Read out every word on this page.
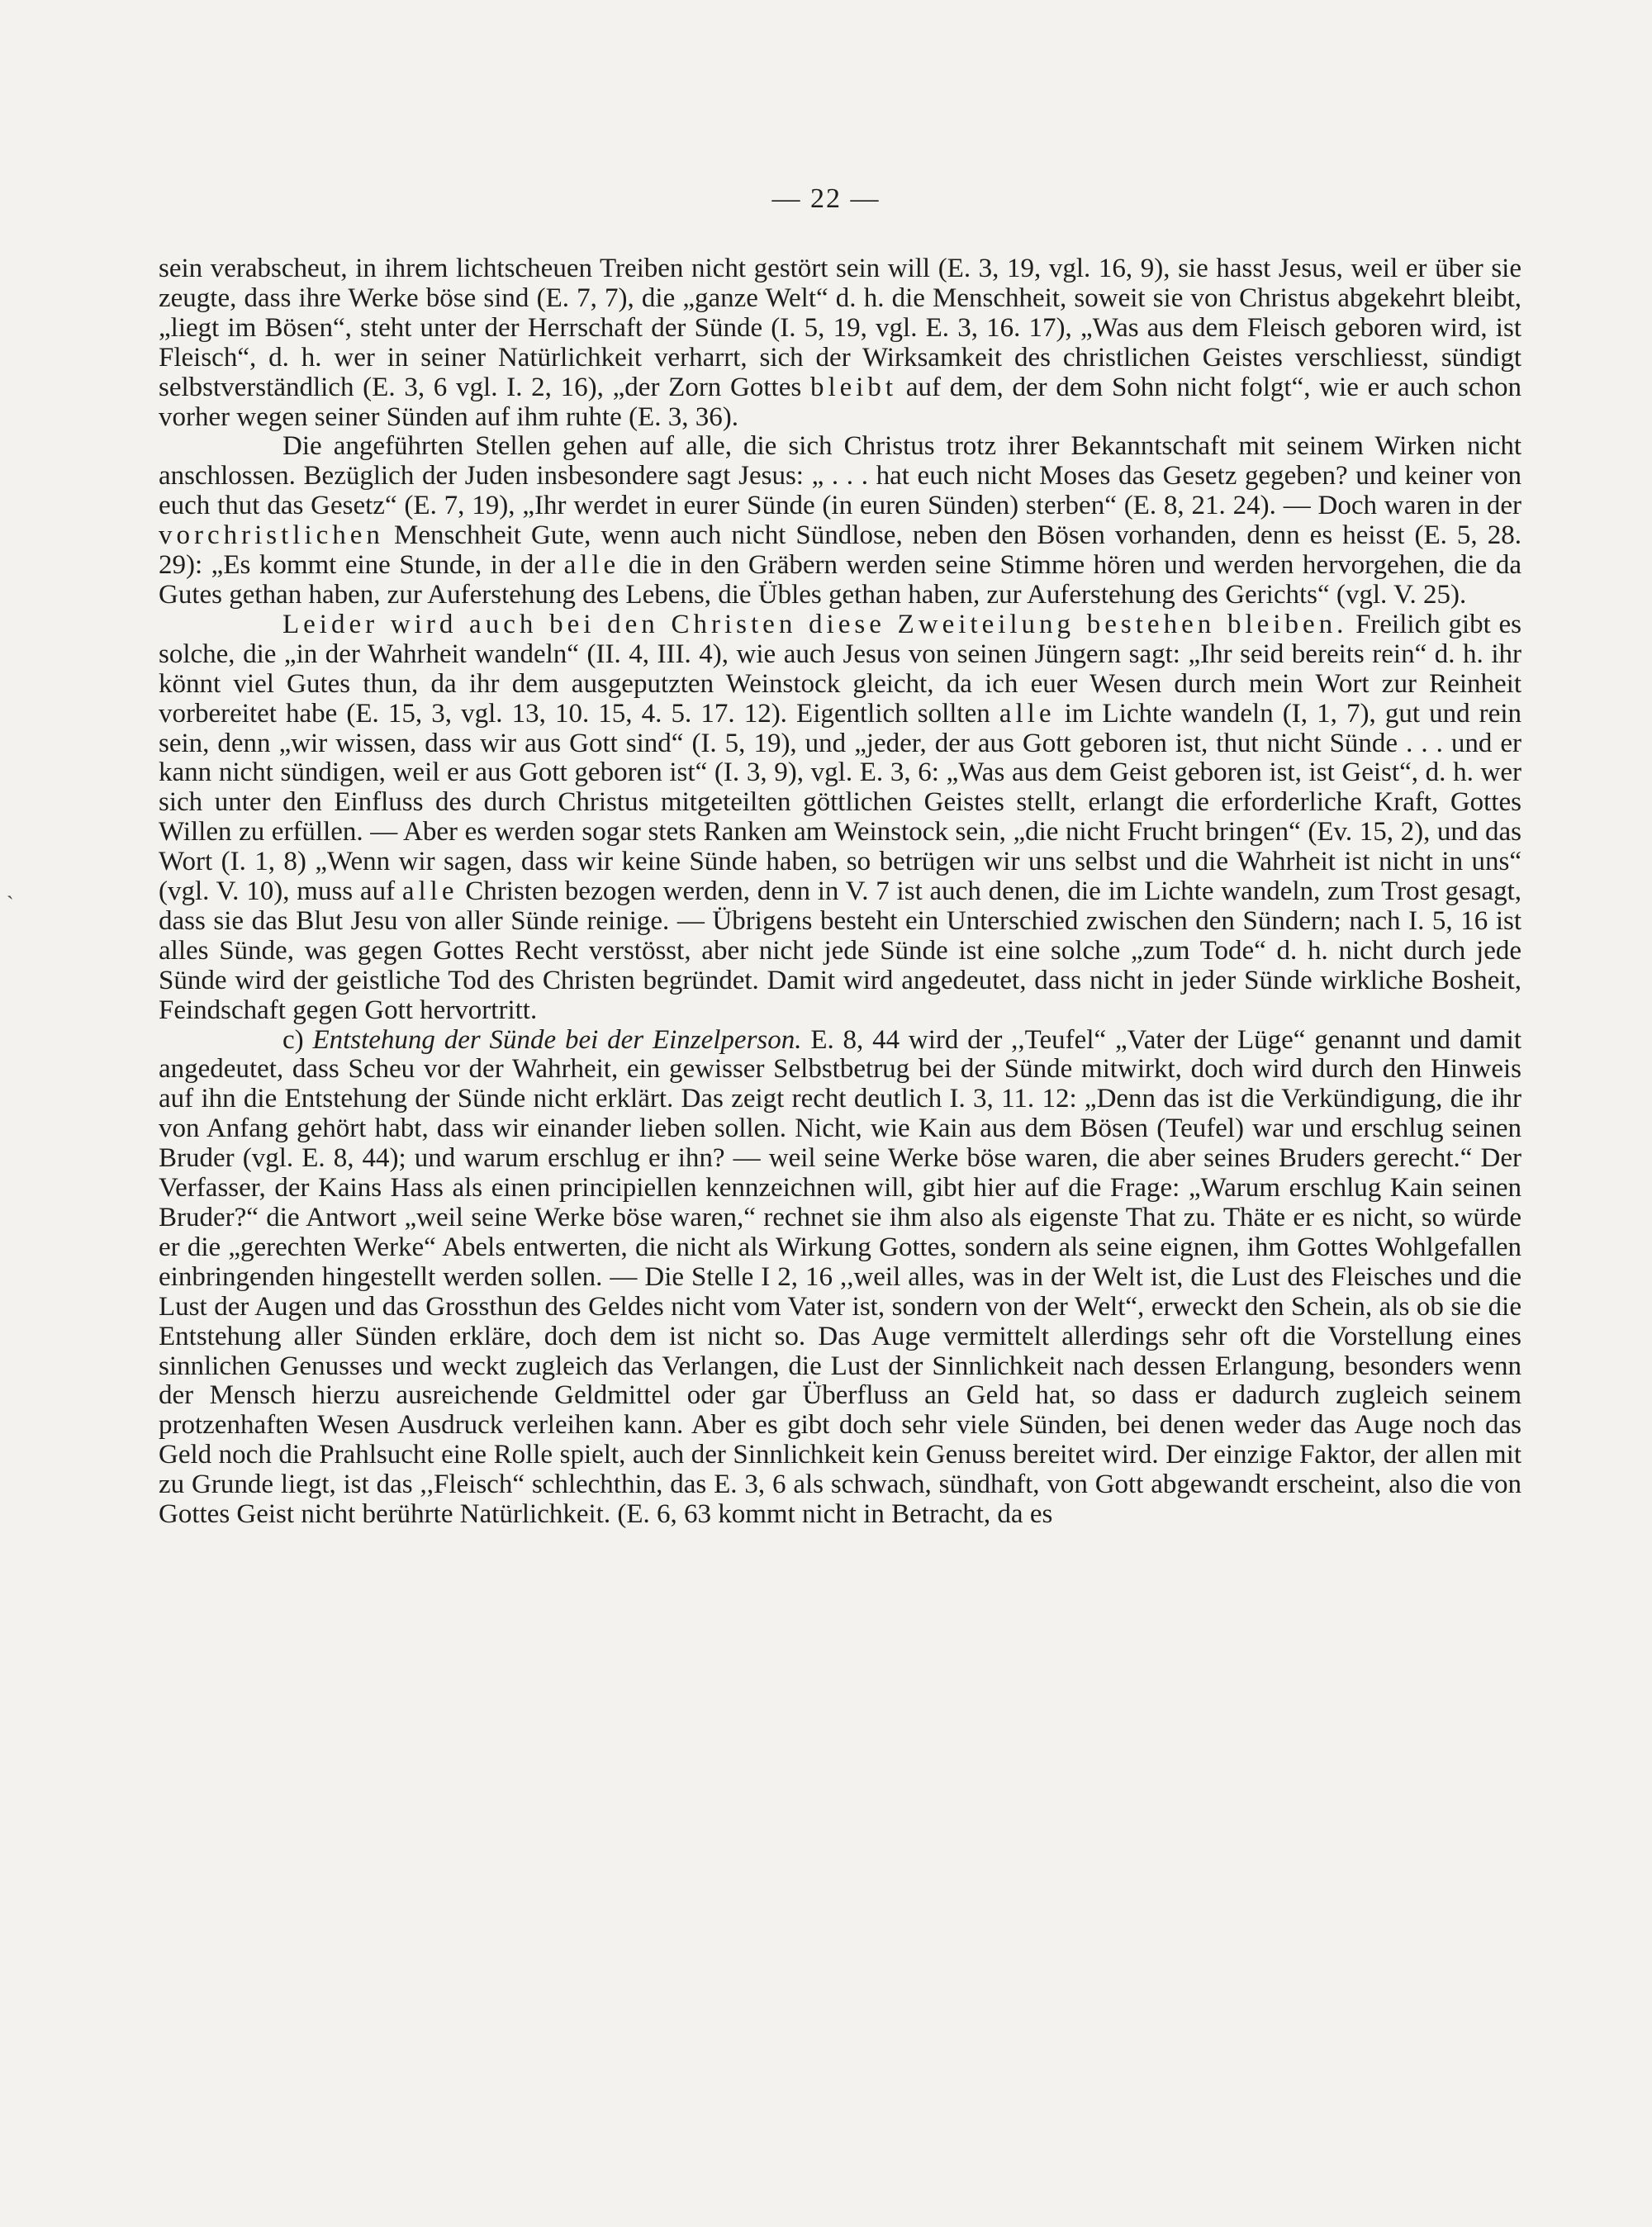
— 22 —
˴

sein verabscheut, in ihrem lichtscheuen Treiben nicht gestört sein will (E. 3, 19, vgl. 16, 9), sie hasst Jesus, weil er über sie zeugte, dass ihre Werke böse sind (E. 7, 7), die „ganze Welt“ d. h. die Menschheit, soweit sie von Christus abgekehrt bleibt, „liegt im Bösen“, steht unter der Herrschaft der Sünde (I. 5, 19, vgl. E. 3, 16. 17), „Was aus dem Fleisch geboren wird, ist Fleisch“, d. h. wer in seiner Natürlichkeit verharrt, sich der Wirksamkeit des christlichen Geistes verschliesst, sündigt selbstverständlich (E. 3, 6 vgl. I. 2, 16), „der Zorn Gottes bleibt auf dem, der dem Sohn nicht folgt“, wie er auch schon vorher wegen seiner Sünden auf ihm ruhte (E. 3, 36).

Die angeführten Stellen gehen auf alle, die sich Christus trotz ihrer Bekanntschaft mit seinem Wirken nicht anschlossen. Bezüglich der Juden insbesondere sagt Jesus: „ . . . hat euch nicht Moses das Gesetz gegeben? und keiner von euch thut das Gesetz“ (E. 7, 19), „Ihr werdet in eurer Sünde (in euren Sünden) sterben“ (E. 8, 21. 24). — Doch waren in der vorchristlichen Menschheit Gute, wenn auch nicht Sündlose, neben den Bösen vorhanden, denn es heisst (E. 5, 28. 29): „Es kommt eine Stunde, in der alle die in den Gräbern werden seine Stimme hören und werden hervorgehen, die da Gutes gethan haben, zur Auferstehung des Lebens, die Übles gethan haben, zur Auferstehung des Gerichts“ (vgl. V. 25).

Leider wird auch bei den Christen diese Zweiteilung bestehen bleiben. Freilich gibt es solche, die „in der Wahrheit wandeln“ (II. 4, III. 4), wie auch Jesus von seinen Jüngern sagt: „Ihr seid bereits rein“ d. h. ihr könnt viel Gutes thun, da ihr dem ausgeputzten Weinstock gleicht, da ich euer Wesen durch mein Wort zur Reinheit vorbereitet habe (E. 15, 3, vgl. 13, 10. 15, 4. 5. 17. 12). Eigentlich sollten alle im Lichte wandeln (I, 1, 7), gut und rein sein, denn „wir wissen, dass wir aus Gott sind“ (I. 5, 19), und „jeder, der aus Gott geboren ist, thut nicht Sünde . . . und er kann nicht sündigen, weil er aus Gott geboren ist“ (I. 3, 9), vgl. E. 3, 6: „Was aus dem Geist geboren ist, ist Geist“, d. h. wer sich unter den Einfluss des durch Christus mitgeteilten göttlichen Geistes stellt, erlangt die erforderliche Kraft, Gottes Willen zu erfüllen. — Aber es werden sogar stets Ranken am Weinstock sein, „die nicht Frucht bringen“ (Ev. 15, 2), und das Wort (I. 1, 8) „Wenn wir sagen, dass wir keine Sünde haben, so betrügen wir uns selbst und die Wahrheit ist nicht in uns“ (vgl. V. 10), muss auf alle Christen bezogen werden, denn in V. 7 ist auch denen, die im Lichte wandeln, zum Trost gesagt, dass sie das Blut Jesu von aller Sünde reinige. — Übrigens besteht ein Unterschied zwischen den Sündern; nach I. 5, 16 ist alles Sünde, was gegen Gottes Recht verstösst, aber nicht jede Sünde ist eine solche „zum Tode“ d. h. nicht durch jede Sünde wird der geistliche Tod des Christen begründet. Damit wird angedeutet, dass nicht in jeder Sünde wirkliche Bosheit, Feindschaft gegen Gott hervortritt.

c) Entstehung der Sünde bei der Einzelperson. E. 8, 44 wird der ,,Teufel“ „Vater der Lüge“ genannt und damit angedeutet, dass Scheu vor der Wahrheit, ein gewisser Selbstbetrug bei der Sünde mitwirkt, doch wird durch den Hinweis auf ihn die Entstehung der Sünde nicht erklärt. Das zeigt recht deutlich I. 3, 11. 12: „Denn das ist die Verkündigung, die ihr von Anfang gehört habt, dass wir einander lieben sollen. Nicht, wie Kain aus dem Bösen (Teufel) war und erschlug seinen Bruder (vgl. E. 8, 44); und warum erschlug er ihn? — weil seine Werke böse waren, die aber seines Bruders gerecht.“ Der Verfasser, der Kains Hass als einen principiellen kennzeichnen will, gibt hier auf die Frage: „Warum erschlug Kain seinen Bruder?“ die Antwort „weil seine Werke böse waren,“ rechnet sie ihm also als eigenste That zu. Thäte er es nicht, so würde er die „gerechten Werke“ Abels entwerten, die nicht als Wirkung Gottes, sondern als seine eignen, ihm Gottes Wohlgefallen einbringenden hingestellt werden sollen. — Die Stelle I 2, 16 ,,weil alles, was in der Welt ist, die Lust des Fleisches und die Lust der Augen und das Grossthun des Geldes nicht vom Vater ist, sondern von der Welt“, erweckt den Schein, als ob sie die Entstehung aller Sünden erkläre, doch dem ist nicht so. Das Auge vermittelt allerdings sehr oft die Vorstellung eines sinnlichen Genusses und weckt zugleich das Verlangen, die Lust der Sinnlichkeit nach dessen Erlangung, besonders wenn der Mensch hierzu ausreichende Geldmittel oder gar Überfluss an Geld hat, so dass er dadurch zugleich seinem protzenhaften Wesen Ausdruck verleihen kann. Aber es gibt doch sehr viele Sünden, bei denen weder das Auge noch das Geld noch die Prahlsucht eine Rolle spielt, auch der Sinnlichkeit kein Genuss bereitet wird. Der einzige Faktor, der allen mit zu Grunde liegt, ist das ,,Fleisch“ schlechthin, das E. 3, 6 als schwach, sündhaft, von Gott abgewandt erscheint, also die von Gottes Geist nicht berührte Natürlichkeit. (E. 6, 63 kommt nicht in Betracht, da es
